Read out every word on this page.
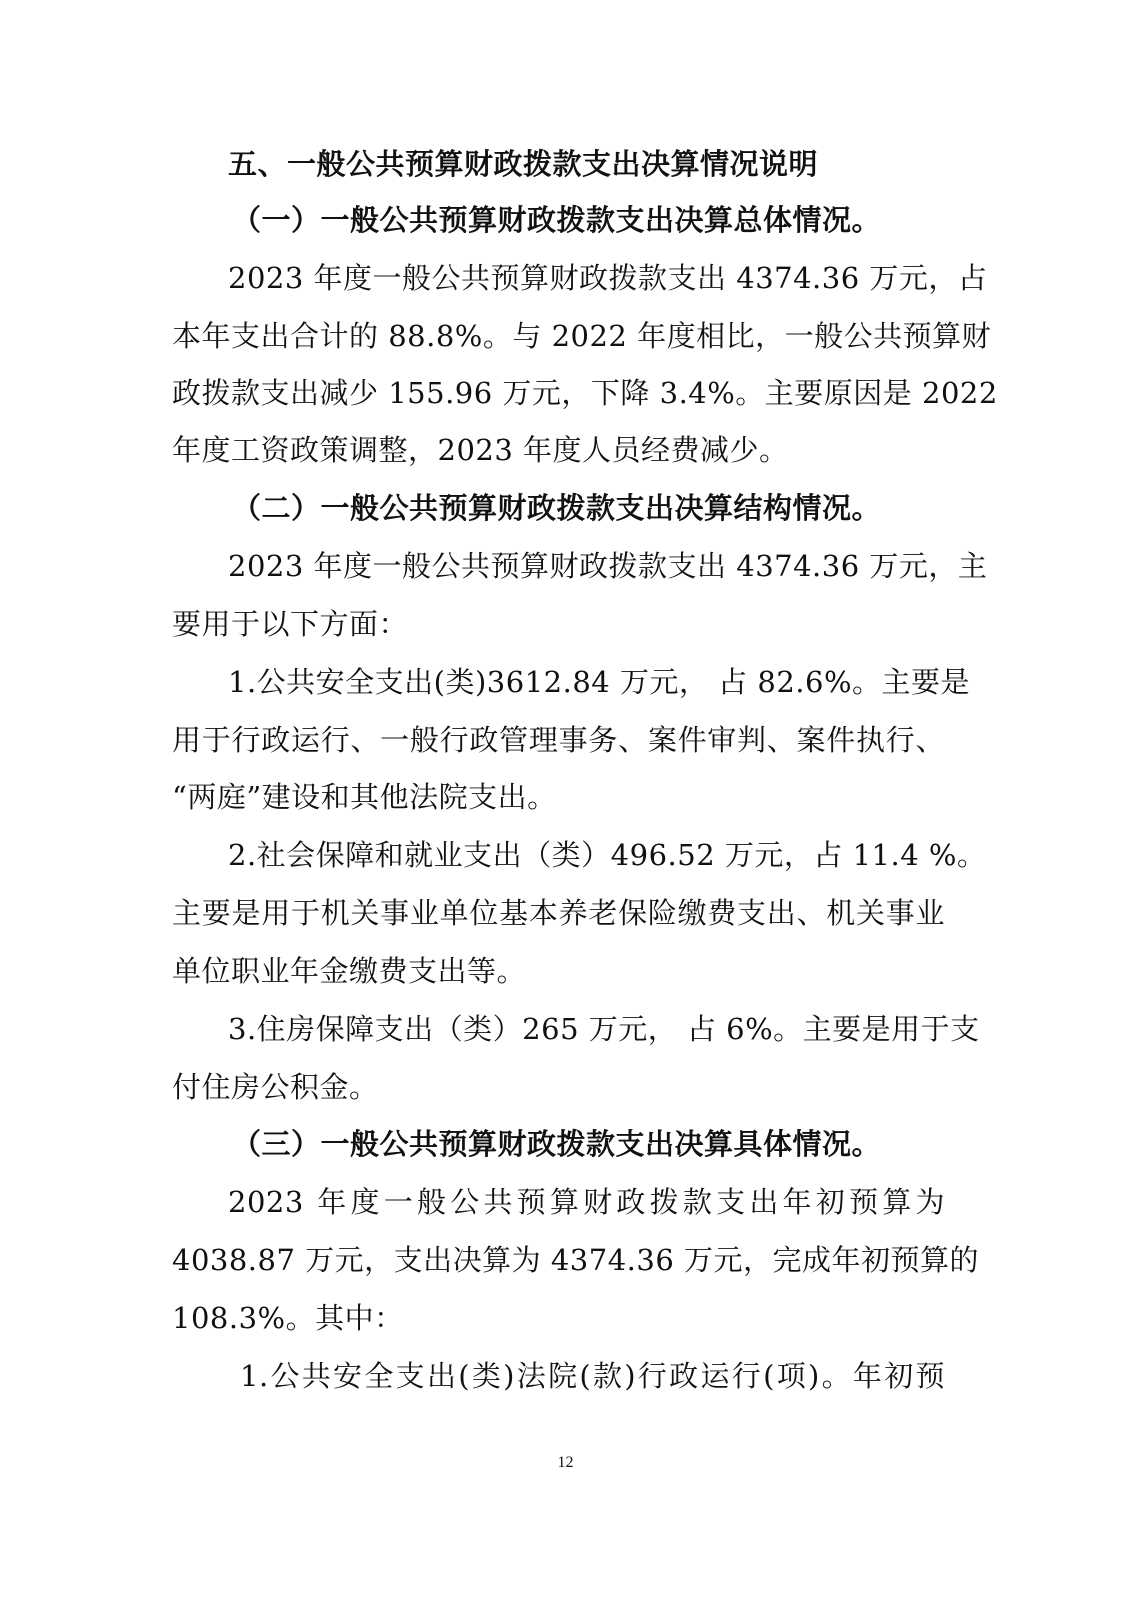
五、一般公共预算财政拨款支出决算情况说明
（一）一般公共预算财政拨款支出决算总体情况。
2023 年度一般公共预算财政拨款支出 4374.36 万元，占
本年支出合计的 88.8%。与 2022 年度相比，一般公共预算财
政拨款支出减少 155.96 万元，下降 3.4%。主要原因是 2022
年度工资政策调整，2023 年度人员经费减少。
（二）一般公共预算财政拨款支出决算结构情况。
2023 年度一般公共预算财政拨款支出 4374.36 万元，主
要用于以下方面：
1.公共安全支出(类)3612.84 万元， 占 82.6%。主要是
用于行政运行、一般行政管理事务、案件审判、案件执行、
“两庭”建设和其他法院支出。
2.社会保障和就业支出（类）496.52 万元，占 11.4 %。
主要是用于机关事业单位基本养老保险缴费支出、机关事业
单位职业年金缴费支出等。
3.住房保障支出（类）265 万元， 占 6%。主要是用于支
付住房公积金。
（三）一般公共预算财政拨款支出决算具体情况。
2023 年度一般公共预算财政拨款支出年初预算为
4038.87 万元，支出决算为 4374.36 万元，完成年初预算的
108.3%。其中：
1.公共安全支出(类)法院(款)行政运行(项)。年初预
12
